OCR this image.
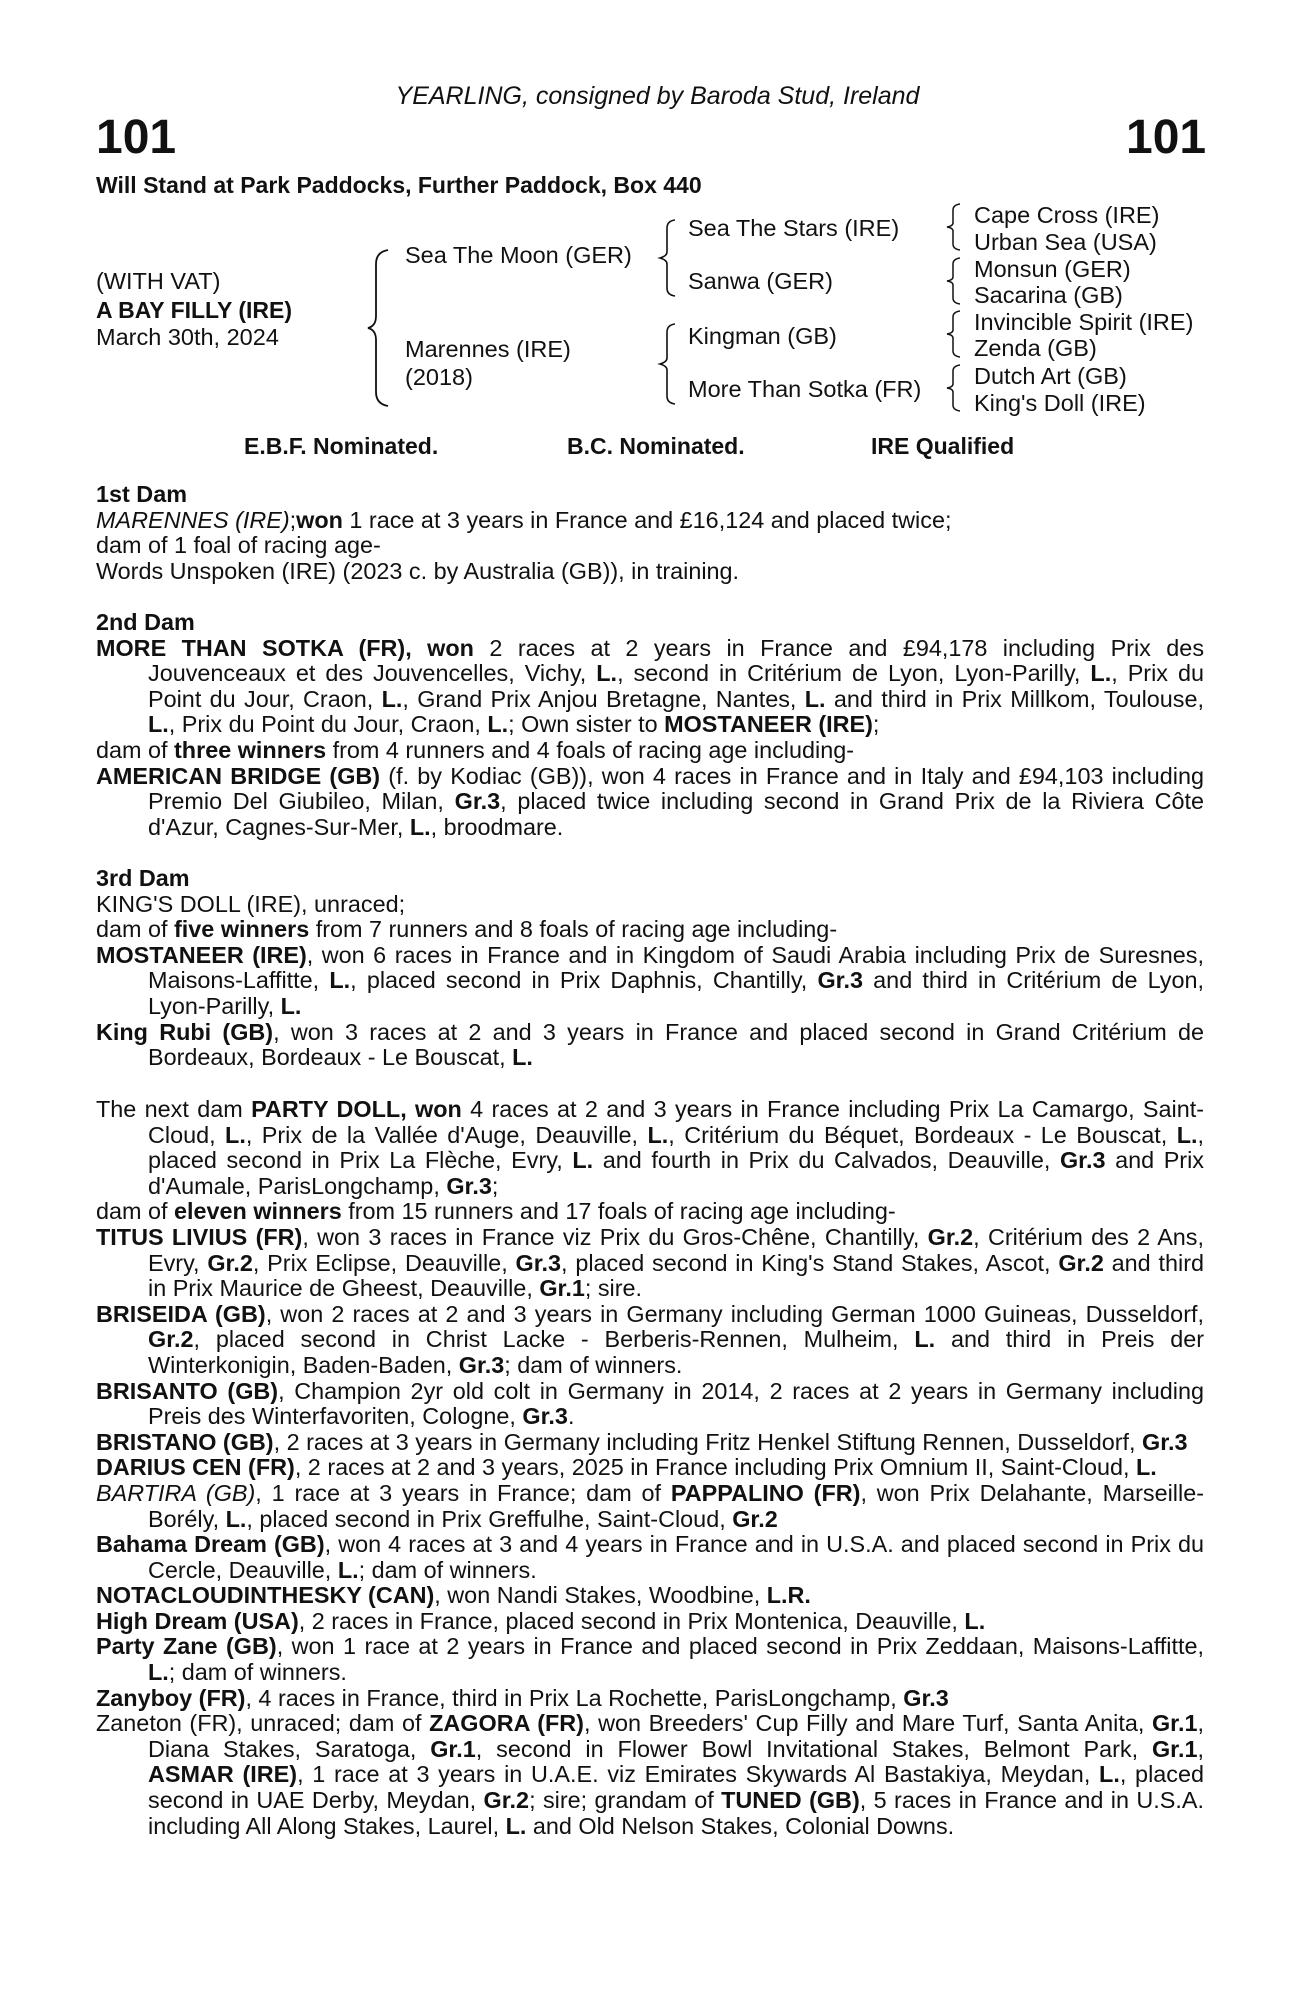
YEARLING, consigned by Baroda Stud, Ireland
101	101
Will Stand at Park Paddocks, Further Paddock, Box 440
(WITH VAT)
A BAY FILLY (IRE)
March 30th, 2024
Sea The Moon (GER)
Marennes (IRE)
(2018)
Sea The Stars (IRE)
Sanwa (GER)
Kingman (GB)
More Than Sotka (FR)
Cape Cross (IRE)
Urban Sea (USA)
Monsun (GER)
Sacarina (GB)
Invincible Spirit (IRE)
Zenda (GB)
Dutch Art (GB)
King's Doll (IRE)
E.B.F. Nominated.	B.C. Nominated.	IRE Qualified

1st Dam

MARENNES (IRE);won 1 race at 3 years in France and £16,124 and placed twice;

dam of 1 foal of racing age-

Words Unspoken (IRE) (2023 c. by Australia (GB)), in training.

2nd Dam

MORE THAN SOTKA (FR), won 2 races at 2 years in France and £94,178 including Prix des Jouvenceaux et des Jouvencelles, Vichy, L., second in Critérium de Lyon, Lyon-Parilly, L., Prix du Point du Jour, Craon, L., Grand Prix Anjou Bretagne, Nantes, L. and third in Prix Millkom, Toulouse, L., Prix du Point du Jour, Craon, L.; Own sister to MOSTANEER (IRE);

dam of three winners from 4 runners and 4 foals of racing age including-

AMERICAN BRIDGE (GB) (f. by Kodiac (GB)), won 4 races in France and in Italy and £94,103 including Premio Del Giubileo, Milan, Gr.3, placed twice including second in Grand Prix de la Riviera Côte d'Azur, Cagnes-Sur-Mer, L., broodmare.

3rd Dam

KING'S DOLL (IRE), unraced;

dam of five winners from 7 runners and 8 foals of racing age including-

MOSTANEER (IRE), won 6 races in France and in Kingdom of Saudi Arabia including Prix de Suresnes, Maisons-Laffitte, L., placed second in Prix Daphnis, Chantilly, Gr.3 and third in Critérium de Lyon, Lyon-Parilly, L.

King Rubi (GB), won 3 races at 2 and 3 years in France and placed second in Grand Critérium de Bordeaux, Bordeaux - Le Bouscat, L.

The next dam PARTY DOLL, won 4 races at 2 and 3 years in France including Prix La Camargo, Saint-Cloud, L., Prix de la Vallée d'Auge, Deauville, L., Critérium du Béquet, Bordeaux - Le Bouscat, L., placed second in Prix La Flèche, Evry, L. and fourth in Prix du Calvados, Deauville, Gr.3 and Prix d'Aumale, ParisLongchamp, Gr.3;

dam of eleven winners from 15 runners and 17 foals of racing age including-

TITUS LIVIUS (FR), won 3 races in France viz Prix du Gros-Chêne, Chantilly, Gr.2, Critérium des 2 Ans, Evry, Gr.2, Prix Eclipse, Deauville, Gr.3, placed second in King's Stand Stakes, Ascot, Gr.2 and third in Prix Maurice de Gheest, Deauville, Gr.1; sire.

BRISEIDA (GB), won 2 races at 2 and 3 years in Germany including German 1000 Guineas, Dusseldorf, Gr.2, placed second in Christ Lacke - Berberis-Rennen, Mulheim, L. and third in Preis der Winterkonigin, Baden-Baden, Gr.3; dam of winners.

BRISANTO (GB), Champion 2yr old colt in Germany in 2014, 2 races at 2 years in Germany including Preis des Winterfavoriten, Cologne, Gr.3.

BRISTANO (GB), 2 races at 3 years in Germany including Fritz Henkel Stiftung Rennen, Dusseldorf, Gr.3

DARIUS CEN (FR), 2 races at 2 and 3 years, 2025 in France including Prix Omnium II, Saint-Cloud, L.

BARTIRA (GB), 1 race at 3 years in France; dam of PAPPALINO (FR), won Prix Delahante, Marseille-Borély, L., placed second in Prix Greffulhe, Saint-Cloud, Gr.2

Bahama Dream (GB), won 4 races at 3 and 4 years in France and in U.S.A. and placed second in Prix du Cercle, Deauville, L.; dam of winners.

NOTACLOUDINTHESKY (CAN), won Nandi Stakes, Woodbine, L.R.

High Dream (USA), 2 races in France, placed second in Prix Montenica, Deauville, L.

Party Zane (GB), won 1 race at 2 years in France and placed second in Prix Zeddaan, Maisons-Laffitte, L.; dam of winners.

Zanyboy (FR), 4 races in France, third in Prix La Rochette, ParisLongchamp, Gr.3

Zaneton (FR), unraced; dam of ZAGORA (FR), won Breeders' Cup Filly and Mare Turf, Santa Anita, Gr.1, Diana Stakes, Saratoga, Gr.1, second in Flower Bowl Invitational Stakes, Belmont Park, Gr.1, ASMAR (IRE), 1 race at 3 years in U.A.E. viz Emirates Skywards Al Bastakiya, Meydan, L., placed second in UAE Derby, Meydan, Gr.2; sire; grandam of TUNED (GB), 5 races in France and in U.S.A. including All Along Stakes, Laurel, L. and Old Nelson Stakes, Colonial Downs.
